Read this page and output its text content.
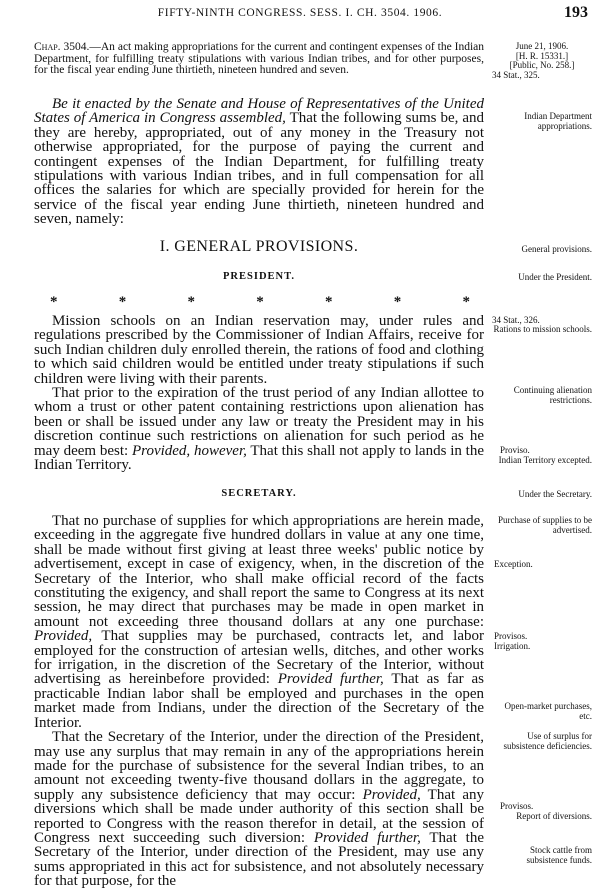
FIFTY-NINTH CONGRESS. SESS. I. CH. 3504. 1906.	193
Chap. 3504.—An act making appropriations for the current and contingent expenses of the Indian Department, for fulfilling treaty stipulations with various Indian tribes, and for other purposes, for the fiscal year ending June thirtieth, nineteen hundred and seven.
June 21, 1906.
[H. R. 15331.]
[Public, No. 258.]
34 Stat., 325.

Be it enacted by the Senate and House of Representatives of the United States of America in Congress assembled, That the following sums be, and they are hereby, appropriated, out of any money in the Treasury not otherwise appropriated, for the purpose of paying the current and contingent expenses of the Indian Department, for fulfilling treaty stipulations with various Indian tribes, and in full compensation for all offices the salaries for which are specially provided for herein for the service of the fiscal year ending June thirtieth, nineteen hundred and seven, namely:

Indian Department appropriations.
I. GENERAL PROVISIONS.	General provisions.
PRESIDENT.	Under the President.
*	*	*	*	*	*	*

Mission schools on an Indian reservation may, under rules and regulations prescribed by the Commissioner of Indian Affairs, receive for such Indian children duly enrolled therein, the rations of food and clothing to which said children would be entitled under treaty stipulations if such children were living with their parents.

That prior to the expiration of the trust period of any Indian allottee to whom a trust or other patent containing restrictions upon alienation has been or shall be issued under any law or treaty the President may in his discretion continue such restrictions on alienation for such period as he may deem best: Provided, however, That this shall not apply to lands in the Indian Territory.

34 Stat., 326.
Rations to mission schools.
Continuing alienation restrictions.
Proviso.
Indian Territory excepted.
SECRETARY.	Under the Secretary.

That no purchase of supplies for which appropriations are herein made, exceeding in the aggregate five hundred dollars in value at any one time, shall be made without first giving at least three weeks' public notice by advertisement, except in case of exigency, when, in the discretion of the Secretary of the Interior, who shall make official record of the facts constituting the exigency, and shall report the same to Congress at its next session, he may direct that purchases may be made in open market in amount not exceeding three thousand dollars at any one purchase: Provided, That supplies may be purchased, contracts let, and labor employed for the construction of artesian wells, ditches, and other works for irrigation, in the discretion of the Secretary of the Interior, without advertising as hereinbefore provided: Provided further, That as far as practicable Indian labor shall be employed and purchases in the open market made from Indians, under the direction of the Secretary of the Interior.

That the Secretary of the Interior, under the direction of the President, may use any surplus that may remain in any of the appropriations herein made for the purchase of subsistence for the several Indian tribes, to an amount not exceeding twenty-five thousand dollars in the aggregate, to supply any subsistence deficiency that may occur: Provided, That any diversions which shall be made under authority of this section shall be reported to Congress with the reason therefor in detail, at the session of Congress next succeeding such diversion: Provided further, That the Secretary of the Interior, under direction of the President, may use any sums appropriated in this act for subsistence, and not absolutely necessary for that purpose, for the

Purchase of supplies to be advertised.
Exception.
Provisos.
Irrigation.
Open-market purchases, etc.
Use of surplus for subsistence deficiencies.
Provisos.
Report of diversions.
Stock cattle from subsistence funds.
